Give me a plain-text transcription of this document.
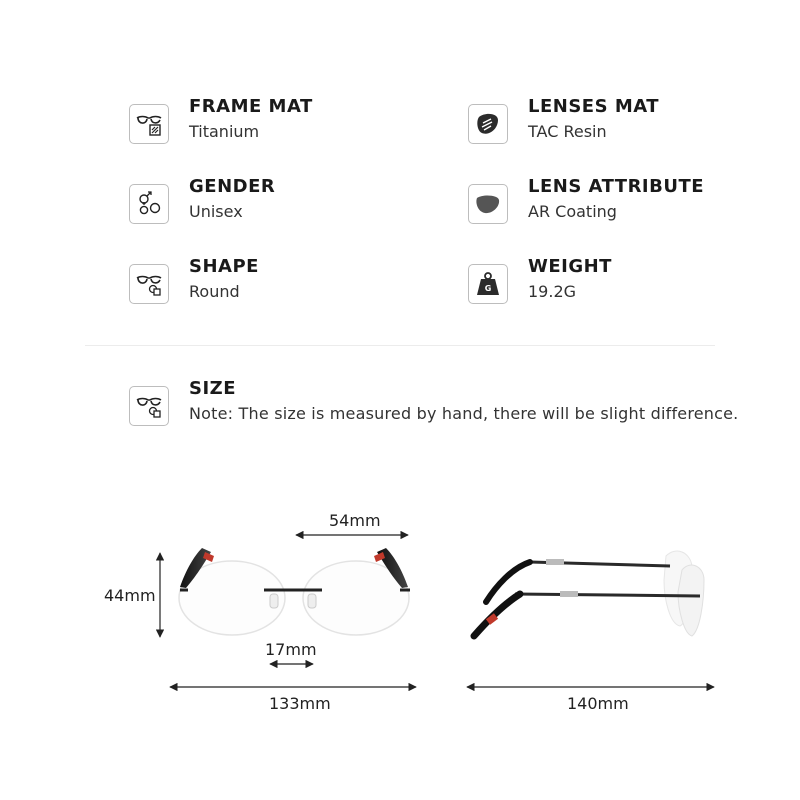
FRAME MAT
Titanium
LENSES MAT
TAC Resin
GENDER
Unisex
LENS ATTRIBUTE
AR Coating
SHAPE
Round	G
WEIGHT
19.2G
SIZE
Note: The size is measured by hand, there will be slight difference.
54mm
44mm
17mm
133mm	140mm
